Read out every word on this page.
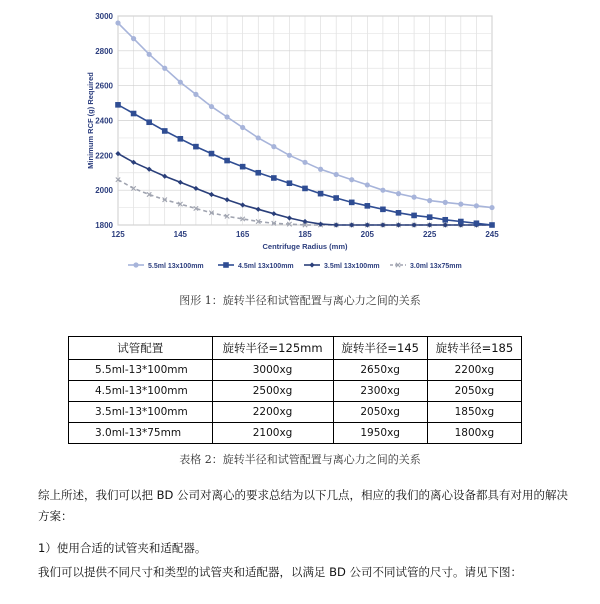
1800
2000
2200
2400
2600
2800
3000
125	145	165	185	205	225	245
Centrifuge Radius (mm)
Minimum RCF (g) Required
5.5ml 13x100mm	4.5ml 13x100mm	3.5ml 13x100mm	3.0ml 13x75mm
图形 1：旋转半径和试管配置与离心力之间的关系
试管配置	旋转半径=125mm	旋转半径=145	旋转半径=185
5.5ml-13*100mm	3000xg	2650xg	2200xg
4.5ml-13*100mm	2500xg	2300xg	2050xg
3.5ml-13*100mm	2200xg	2050xg	1850xg
3.0ml-13*75mm	2100xg	1950xg	1800xg
表格 2：旋转半径和试管配置与离心力之间的关系
综上所述，我们可以把 BD 公司对离心的要求总结为以下几点，相应的我们的离心设备都具有对用的解决方案：
1）使用合适的试管夹和适配器。
我们可以提供不同尺寸和类型的试管夹和适配器，以满足 BD 公司不同试管的尺寸。请见下图：
